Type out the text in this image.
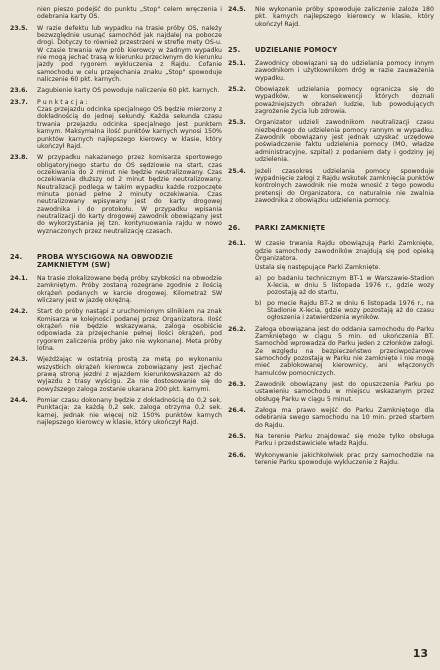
nien pieszo podejść do punktu „Stop" celem wręczenia i odebrania karty OS.
23.5.	W razie defektu lub wypadku na trasie próby OS, należy bezwzględnie usunąć samochód jak najdalej na pobocze drogi. Dotyczy to również przestrzeni w strefie mety OS-u. W czasie trwania w/w prób kierowcy w żadnym wypadku nie mogą jechać trasą w kierunku przeciwnym do kierunku jazdy pod rygorem wykluczenia z Rajdu. Cofanie samochodu w celu przejechania znaku „Stop" spowoduje naliczenie 60 pkt. karnych.
23.6.	Zagubienie karty OS powoduje naliczenie 60 pkt. karnych.
23.7.	P u n k t a c j a :
Czas przejazdu odcinka specjalnego OS będzie mierzony z dokładnością do jednej sekundy. Każda sekunda czasu trwania przejazdu odcinka specjalnego jest punktem karnym. Maksymalna ilość punktów karnych wynosi 150% punktów karnych najlepszego kierowcy w klasie, który ukończył Rajd.
23.8.	W przypadku nakazanego przez komisarza sportowego obligatoryjnego startu do OS sędziowie na start, czas oczekiwania do 2 minut nie będzie neutralizowany. Czas oczekiwania dłuższy od 2 minut będzie neutralizowany. Neutralizacji podlega w takim wypadku każde rozpoczęte minuta ponad pełne 2 minuty oczekiwania. Czas neutralizowany wpisywany jest do karty drogowej zawodnika i do protokołu. W przypadku wpisania neutralizacji do karty drogowej zawodnik obowiązany jest do wykorzystania jej tzn. kontynuowania rajdu w nowo wyznaczonych przez neutralizację czasach.
24.	PROBA WYSCIGOWA NA OBWODZIE ZAMKNIETYM (SW)
24.1.	Na trasie zlokalizowane będą próby szybkości na obwodzie zamkniętym. Próby zostaną rozegrane zgodnie z ilością okrążeń podanych w karcie drogowej. Kilometraż SW wliczany jest w jazdę okrężną.
24.2.	Start do próby nastąpi z uruchomionym silnikiem na znak Komisarza w kolejności podanej przez Organizatora. Ilość okrążeń nie będzie wskazywana, zaloga osobiście odpowiada za przejechanie pełnej ilości okrążeń, pod rygorem zaliczenia próby jako nie wykonanej. Meta próby lotna.
24.3.	Wjeżdżając w ostatnią prostą za metą po wykonaniu wszystkich okrążeń kierowca zobowiązany jest zjechać prawą stroną jezdni z wjazdem kierunkowskazem aż do wyjazdu z trasy wyścigu. Za nie dostosowanie się do powyższego zaloga zostanie ukarana 200 pkt. karnymi.
24.4.	Pomiar czasu dokonany będzie z dokładnością do 0,2 sek. Punktacja: za każdą 0,2 sek. zaloga otrzyma 0,2 sek. karnej, jednak nie więcej niż 150% punktów karnych najlepszego kierowcy w klasie, który ukończył Rajd.
24.5.	Nie wykonanie próby spowoduje zaliczenie zaloże 180 pkt. karnych najlepszego kierowcy w klasie, który ukończył Rajd.
25.	UDZIELANIE POMOCY
25.1.	Zawodnicy obowiązani są do udzielania pomocy innym zawodnikom i użytkownikom dróg w razie zauważenia wypadku.
25.2.	Obowiązek udzielania pomocy ogranicza się do wypadków, w konsekwencji których doznali poważniejszych obrażeń ludzie, lub powodujących zagrożenie życia lub zdrowia.
25.3.	Organizator udzieli zawodnikom neutralizacji czasu niezbędnego do udzielenia pomocy rannym w wypadku. Zawodnik obowiązany jest jednak uzyskać urzędowe poświadczenie faktu udzielenia pomocy (MO, władze administracyjne, szpital) z podaniem daty i godziny jej udzielenia.
25.4.	Jeżeli czasokres udzielania pomocy spowoduje wypadnięcie załogi z Rajdu wskutek zamknięcia punktów kontrolnych zawodnik nie może wnosić z tego powodu pretensji do Organizatora, co naturalnie nie zwalnia zawodnika z obowiązku udzielenia pomocy.
26.	PARKI ZAMKNIĘTE
26.1.	W czasie trwania Rajdu obowiązują Parki Zamknięte, gdzie samochody zawodników znajdują się pod opieką Organizatora.
Ustala się następujące Parki Zamknięte.
a) po badaniu technicznym BT-1 w Warszawie-Stadion X-lecia, w dniu 5 listopada 1976 r., gdzie wozy pozostają aż do startu,
b) po mecie Rajdu BT-2 w dniu 6 listopada 1976 r., na Stadionie X-lecia, gdzie wozy pozostają aż do czasu ogłoszenia i zatwierdzenia wyników.
26.2.	Załoga obowiązana jest do oddania samochodu do Parku Zamkniętego w ciągu 5 min. od ukończenia BT. Samochód wprowadza do Parku jeden z członków załogi. Ze względu na bezpieczeństwo przeciwpożarowe samochody pozostają w Parku nie zamknięte i nie mogą mieć zablokowanej kierownicy, ani włączonych hamulców pomocniczych.
26.3.	Zawodnik obowiązany jest do opuszczenia Parku po ustawieniu samochodu w miejscu wskazanym przez obsługę Parku w ciągu 5 minut.
26.4.	Załoga ma prawo wejść do Parku Zamkniętego dla odebrania swego samochodu na 10 min. przed startem do Rajdu.
26.5.	Na terenie Parku znajdować się może tylko obsługa Parku i przedstawiciele władz Rajdu.
26.6.	Wykonywanie jakichkolwiek prac przy samochodzie na terenie Parku spowoduje wykluczenie z Rajdu.
13
